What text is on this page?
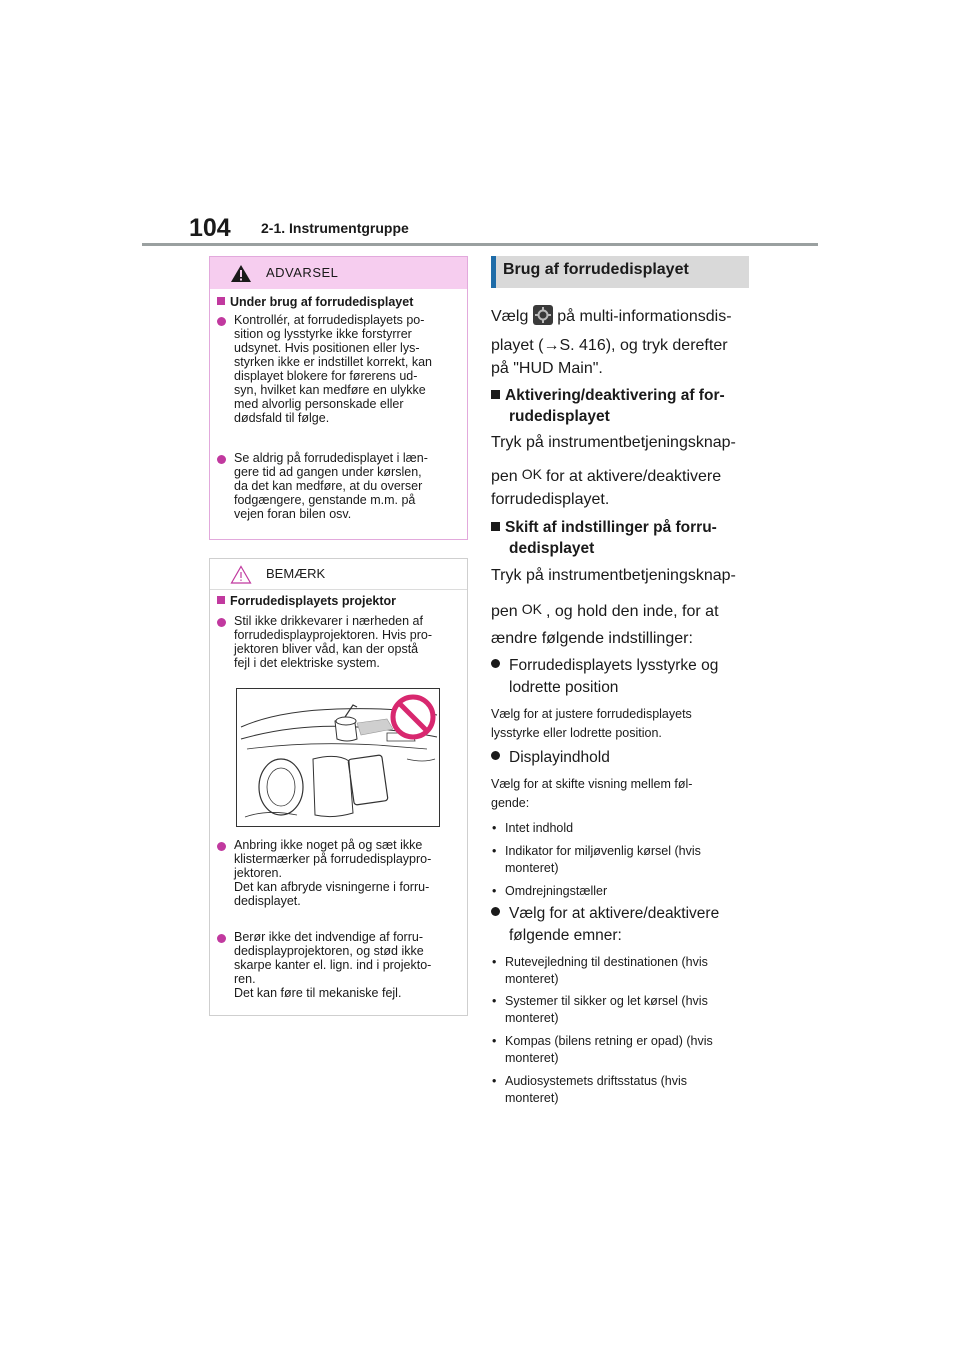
104 2-1. Instrumentgruppe
ADVARSEL
Under brug af forrudedisplayet
Kontrollér, at forrudedisplayets po-
sition og lysstyrke ikke forstyrrer
udsynet. Hvis positionen eller lys-
styrken ikke er indstillet korrekt, kan
displayet blokere for førerens ud-
syn, hvilket kan medføre en ulykke
med alvorlig personskade eller
dødsfald til følge.
Se aldrig på forrudedisplayet i læn-
gere tid ad gangen under kørslen,
da det kan medføre, at du overser
fodgængere, genstande m.m. på
vejen foran bilen osv.
BEMÆRK
Forrudedisplayets projektor
Stil ikke drikkevarer i nærheden af
forrudedisplayprojektoren. Hvis pro-
jektoren bliver våd, kan der opstå
fejl i det elektriske system.
Anbring ikke noget på og sæt ikke
klistermærker på forrudedisplaypro-
jektoren.
Det kan afbryde visningerne i forru-
dedisplayet.
Berør ikke det indvendige af forru-
dedisplayprojektoren, og stød ikke
skarpe kanter el. lign. ind i projekto-
ren.
Det kan føre til mekaniske fejl.
Brug af forrudedisplayet
Vælg på multi-informationsdis-
playet (→S. 416), og tryk derefter
på "HUD Main".
Aktivering/deaktivering af for-
rudedisplayet
Tryk på instrumentbetjeningsknap-
pen OK for at aktivere/deaktivere
forrudedisplayet.
Skift af indstillinger på forru-
dedisplayet
Tryk på instrumentbetjeningsknap-
pen OK , og hold den inde, for at
ændre følgende indstillinger:
Forrudedisplayets lysstyrke og
lodrette position
Vælg for at justere forrudedisplayets
lysstyrke eller lodrette position.
Displayindhold
Vælg for at skifte visning mellem føl-
gende:
• Intet indhold
• Indikator for miljøvenlig kørsel (hvis
monteret)
• Omdrejningstæller
Vælg for at aktivere/deaktivere
følgende emner:
• Rutevejledning til destinationen (hvis
monteret)
• Systemer til sikker og let kørsel (hvis
monteret)
• Kompas (bilens retning er opad) (hvis
monteret)
• Audiosystemets driftsstatus (hvis
monteret)
